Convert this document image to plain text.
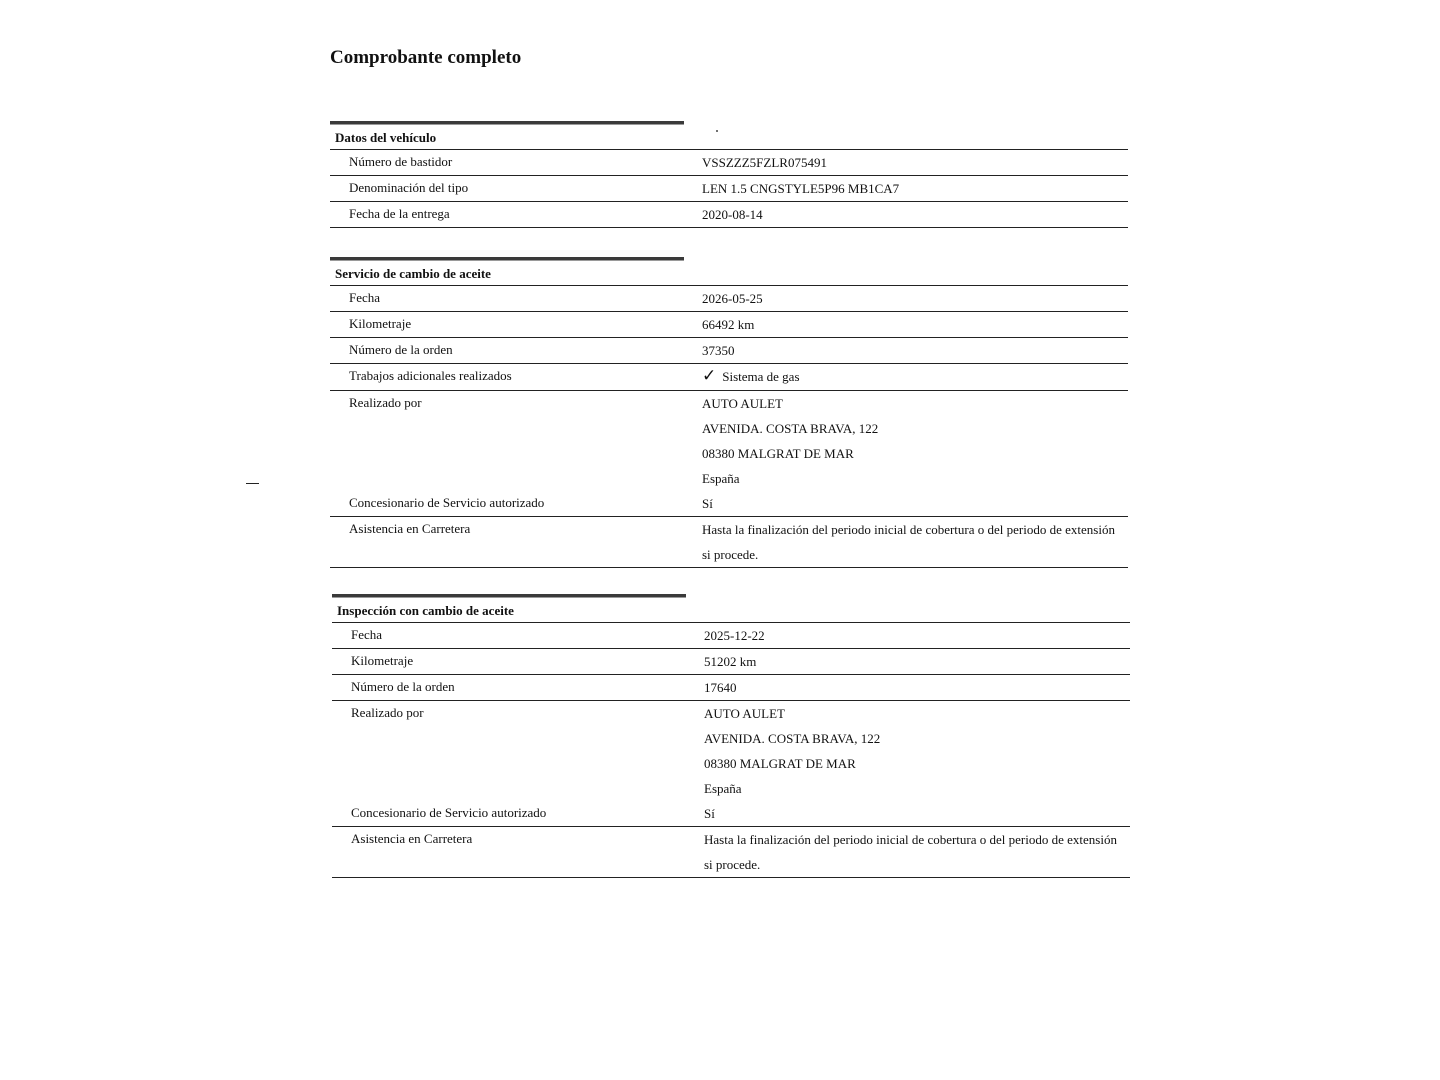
Comprobante completo
Datos del vehículo
Número de bastidor	VSSZZZ5FZLR075491
Denominación del tipo	LEN 1.5 CNGSTYLE5P96 MB1CA7
Fecha de la entrega	2020-08-14
Servicio de cambio de aceite
Fecha	2026-05-25
Kilometraje	66492 km
Número de la orden	37350
Trabajos adicionales realizados	✓ Sistema de gas
Realizado por	AUTO AULET
AVENIDA. COSTA BRAVA, 122
08380 MALGRAT DE MAR
España
Concesionario de Servicio autorizado	Sí
Asistencia en Carretera	Hasta la finalización del periodo inicial de cobertura o del periodo de extensión
si procede.
Inspección con cambio de aceite
Fecha	2025-12-22
Kilometraje	51202 km
Número de la orden	17640
Realizado por	AUTO AULET
AVENIDA. COSTA BRAVA, 122
08380 MALGRAT DE MAR
España
Concesionario de Servicio autorizado	Sí
Asistencia en Carretera	Hasta la finalización del periodo inicial de cobertura o del periodo de extensión
si procede.
